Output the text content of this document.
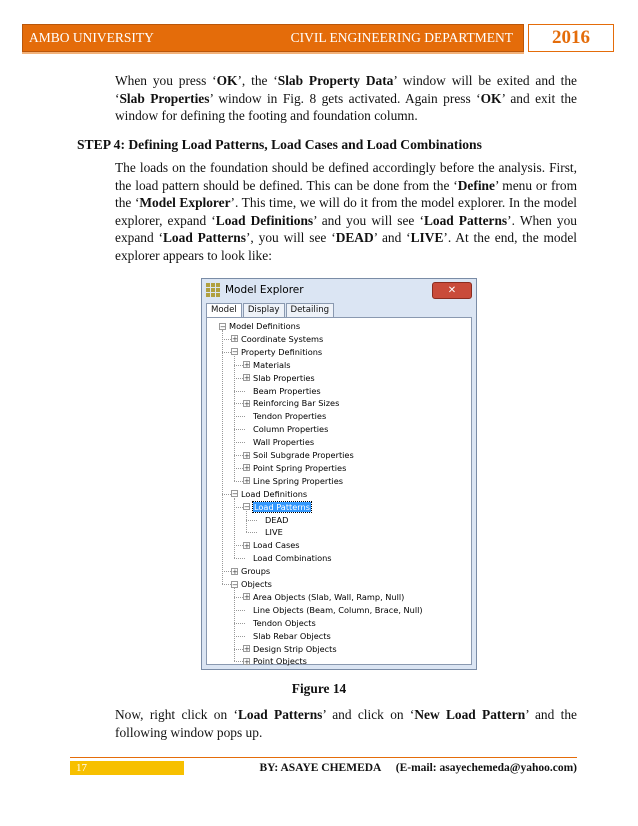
AMBO UNIVERSITY	CIVIL ENGINEERING DEPARTMENT	2016

When you press ‘OK’, the ‘Slab Property Data’ window will be exited and the ‘Slab Properties’ window in Fig. 8 gets activated. Again press ‘OK’ and exit the window for defining the footing and foundation column.

STEP 4: Defining Load Patterns, Load Cases and Load Combinations

The loads on the foundation should be defined accordingly before the analysis. First, the load pattern should be defined. This can be done from the ‘Define’ menu or from the ‘Model Explorer’. This time, we will do it from the model explorer. In the model explorer, expand ‘Load Definitions’ and you will see ‘Load Patterns’. When you expand ‘Load Patterns’, you will see ‘DEAD’ and ‘LIVE’. At the end, the model explorer appears to look like:

Model Explorer	✕
Model	Display	Detailing
− Model Definitions
+ Coordinate Systems
− Property Definitions
+ Materials
+ Slab Properties
Beam Properties
+ Reinforcing Bar Sizes
Tendon Properties
Column Properties
Wall Properties
+ Soil Subgrade Properties
+ Point Spring Properties
+ Line Spring Properties
− Load Definitions
− Load Patterns
DEAD
LIVE
+ Load Cases
Load Combinations
+ Groups
− Objects
+ Area Objects (Slab, Wall, Ramp, Null)
Line Objects (Beam, Column, Brace, Null)
Tendon Objects
Slab Rebar Objects
+ Design Strip Objects
+ Point Objects

Figure 14

Now, right click on ‘Load Patterns’ and click on ‘New Load Pattern’ and the following window pops up.

17	BY: ASAYE CHEMEDA (E-mail: asayechemeda@yahoo.com)
